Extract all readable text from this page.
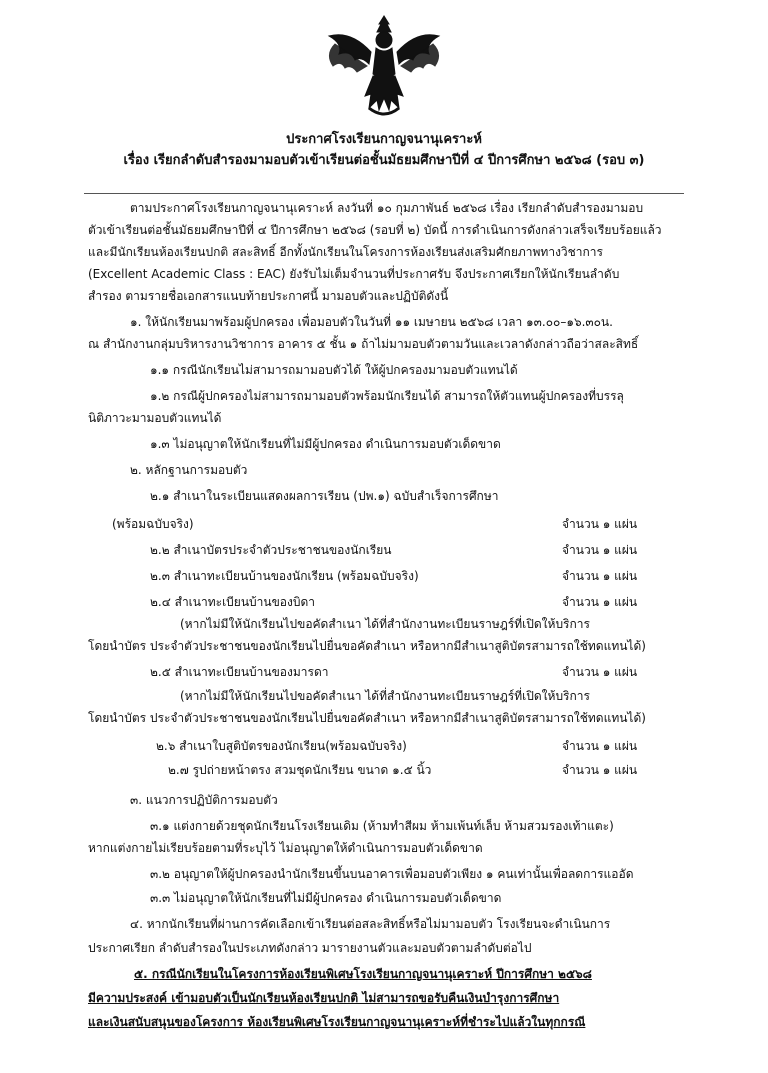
ประกาศโรงเรียนกาญจนานุเคราะห์
เรื่อง เรียกลำดับสำรองมามอบตัวเข้าเรียนต่อชั้นมัธยมศึกษาปีที่ ๔ ปีการศึกษา ๒๕๖๘ (รอบ ๓)
ตามประกาศโรงเรียนกาญจนานุเคราะห์ ลงวันที่ ๑๐ กุมภาพันธ์ ๒๕๖๘ เรื่อง เรียกลำดับสำรองมามอบ
ตัวเข้าเรียนต่อชั้นมัธยมศึกษาปีที่ ๔ ปีการศึกษา ๒๕๖๘ (รอบที่ ๒) บัดนี้ การดำเนินการดังกล่าวเสร็จเรียบร้อยแล้ว
และมีนักเรียนห้องเรียนปกติ สละสิทธิ์ อีกทั้งนักเรียนในโครงการห้องเรียนส่งเสริมศักยภาพทางวิชาการ
(Excellent Academic Class : EAC) ยังรับไม่เต็มจำนวนที่ประกาศรับ จึงประกาศเรียกให้นักเรียนลำดับ
สำรอง ตามรายชื่อเอกสารแนบท้ายประกาศนี้ มามอบตัวและปฏิบัติดังนี้
๑. ให้นักเรียนมาพร้อมผู้ปกครอง เพื่อมอบตัวในวันที่ ๑๑ เมษายน ๒๕๖๘ เวลา ๑๓.๐๐–๑๖.๓๐น.
ณ สำนักงานกลุ่มบริหารงานวิชาการ อาคาร ๕ ชั้น ๑ ถ้าไม่มามอบตัวตามวันและเวลาดังกล่าวถือว่าสละสิทธิ์
๑.๑ กรณีนักเรียนไม่สามารถมามอบตัวได้ ให้ผู้ปกครองมามอบตัวแทนได้
๑.๒ กรณีผู้ปกครองไม่สามารถมามอบตัวพร้อมนักเรียนได้ สามารถให้ตัวแทนผู้ปกครองที่บรรลุ
นิติภาวะมามอบตัวแทนได้
๑.๓ ไม่อนุญาตให้นักเรียนที่ไม่มีผู้ปกครอง ดำเนินการมอบตัวเด็ดขาด
๒. หลักฐานการมอบตัว
๒.๑ สำเนาในระเบียนแสดงผลการเรียน (ปพ.๑) ฉบับสำเร็จการศึกษา
(พร้อมฉบับจริง)	จำนวน ๑ แผ่น
๒.๒ สำเนาบัตรประจำตัวประชาชนของนักเรียน	จำนวน ๑ แผ่น
๒.๓ สำเนาทะเบียนบ้านของนักเรียน (พร้อมฉบับจริง)	จำนวน ๑ แผ่น
๒.๔ สำเนาทะเบียนบ้านของบิดา	จำนวน ๑ แผ่น
(หากไม่มีให้นักเรียนไปขอคัดสำเนา ได้ที่สำนักงานทะเบียนราษฎร์ที่เปิดให้บริการ
โดยนำบัตร ประจำตัวประชาชนของนักเรียนไปยื่นขอคัดสำเนา หรือหากมีสำเนาสูติบัตรสามารถใช้ทดแทนได้)
๒.๕ สำเนาทะเบียนบ้านของมารดา	จำนวน ๑ แผ่น
(หากไม่มีให้นักเรียนไปขอคัดสำเนา ได้ที่สำนักงานทะเบียนราษฎร์ที่เปิดให้บริการ
โดยนำบัตร ประจำตัวประชาชนของนักเรียนไปยื่นขอคัดสำเนา หรือหากมีสำเนาสูติบัตรสามารถใช้ทดแทนได้)
๒.๖ สำเนาใบสูติบัตรของนักเรียน(พร้อมฉบับจริง)	จำนวน ๑ แผ่น
๒.๗ รูปถ่ายหน้าตรง สวมชุดนักเรียน ขนาด ๑.๕ นิ้ว	จำนวน ๑ แผ่น
๓. แนวการปฏิบัติการมอบตัว
๓.๑ แต่งกายด้วยชุดนักเรียนโรงเรียนเดิม (ห้ามทำสีผม ห้ามเพ้นท์เล็บ ห้ามสวมรองเท้าแตะ)
หากแต่งกายไม่เรียบร้อยตามที่ระบุไว้ ไม่อนุญาตให้ดำเนินการมอบตัวเด็ดขาด
๓.๒ อนุญาตให้ผู้ปกครองนำนักเรียนขึ้นบนอาคารเพื่อมอบตัวเพียง ๑ คนเท่านั้นเพื่อลดการแออัด
๓.๓ ไม่อนุญาตให้นักเรียนที่ไม่มีผู้ปกครอง ดำเนินการมอบตัวเด็ดขาด
๔. หากนักเรียนที่ผ่านการคัดเลือกเข้าเรียนต่อสละสิทธิ์หรือไม่มามอบตัว โรงเรียนจะดำเนินการ
ประกาศเรียก ลำดับสำรองในประเภทดังกล่าว มารายงานตัวและมอบตัวตามลำดับต่อไป
๕. กรณีนักเรียนในโครงการห้องเรียนพิเศษโรงเรียนกาญจนานุเคราะห์ ปีการศึกษา ๒๕๖๘
มีความประสงค์ เข้ามอบตัวเป็นนักเรียนห้องเรียนปกติ ไม่สามารถขอรับคืนเงินบำรุงการศึกษา
และเงินสนับสนุนของโครงการ ห้องเรียนพิเศษโรงเรียนกาญจนานุเคราะห์ที่ชำระไปแล้วในทุกกรณี
